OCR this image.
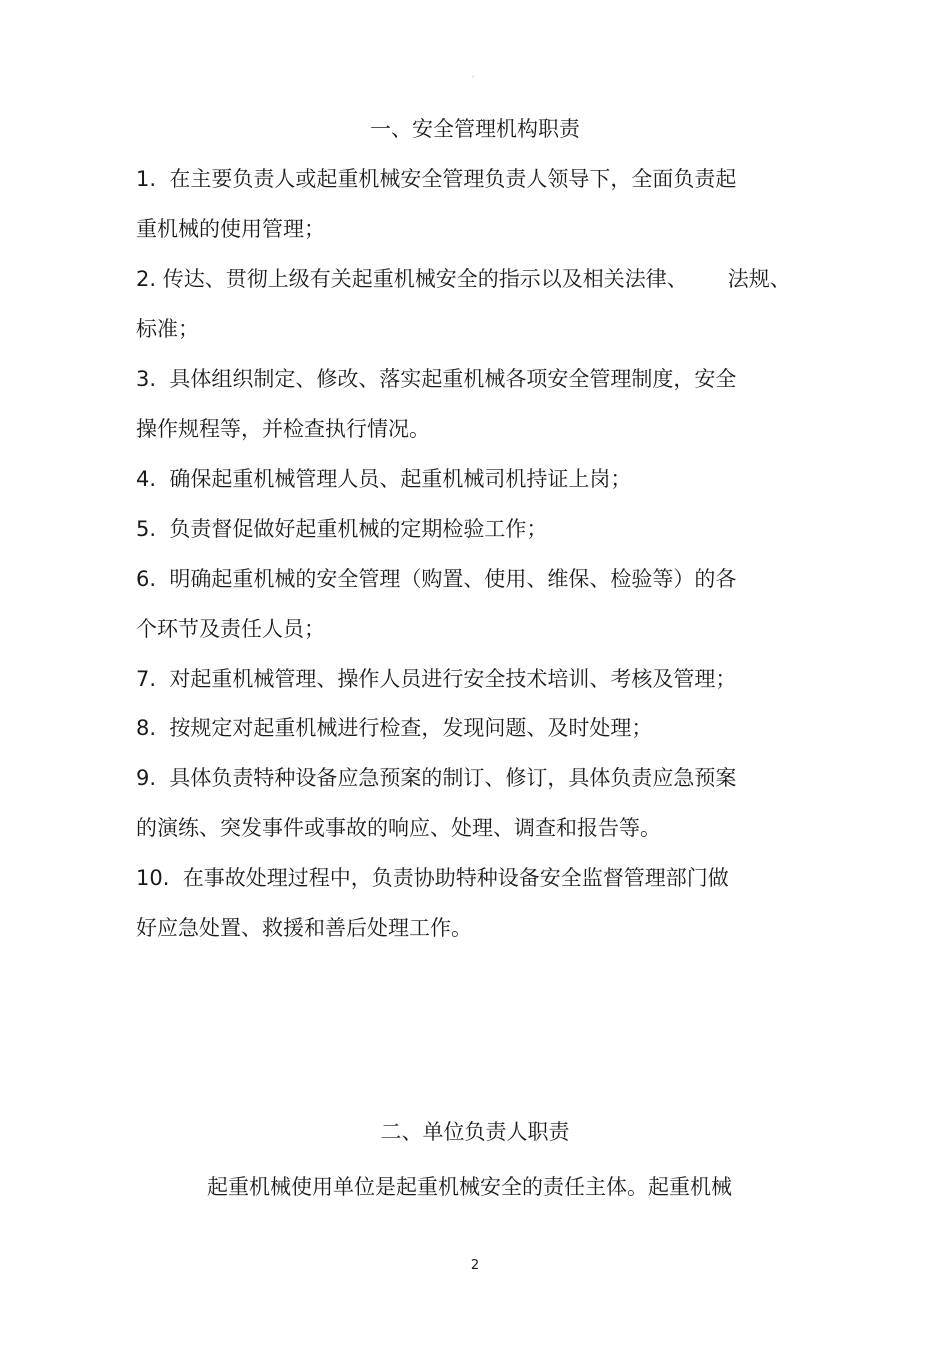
。
一、安全管理机构职责
1.  在主要负责人或起重机械安全管理负责人领导下，全面负责起
重机械的使用管理；
2. 传达、贯彻上级有关起重机械安全的指示以及相关法律、      法规、
标准；
3.  具体组织制定、修改、落实起重机械各项安全管理制度，安全
操作规程等，并检查执行情况。
4.  确保起重机械管理人员、起重机械司机持证上岗；
5.  负责督促做好起重机械的定期检验工作；
6.  明确起重机械的安全管理（购置、使用、维保、检验等）的各
个环节及责任人员；
7.  对起重机械管理、操作人员进行安全技术培训、考核及管理；
8.  按规定对起重机械进行检查，发现问题、及时处理；
9.  具体负责特种设备应急预案的制订、修订，具体负责应急预案
的演练、突发事件或事故的响应、处理、调查和报告等。
10.  在事故处理过程中，负责协助特种设备安全监督管理部门做
好应急处置、救援和善后处理工作。
二、单位负责人职责
起重机械使用单位是起重机械安全的责任主体。起重机械
2
